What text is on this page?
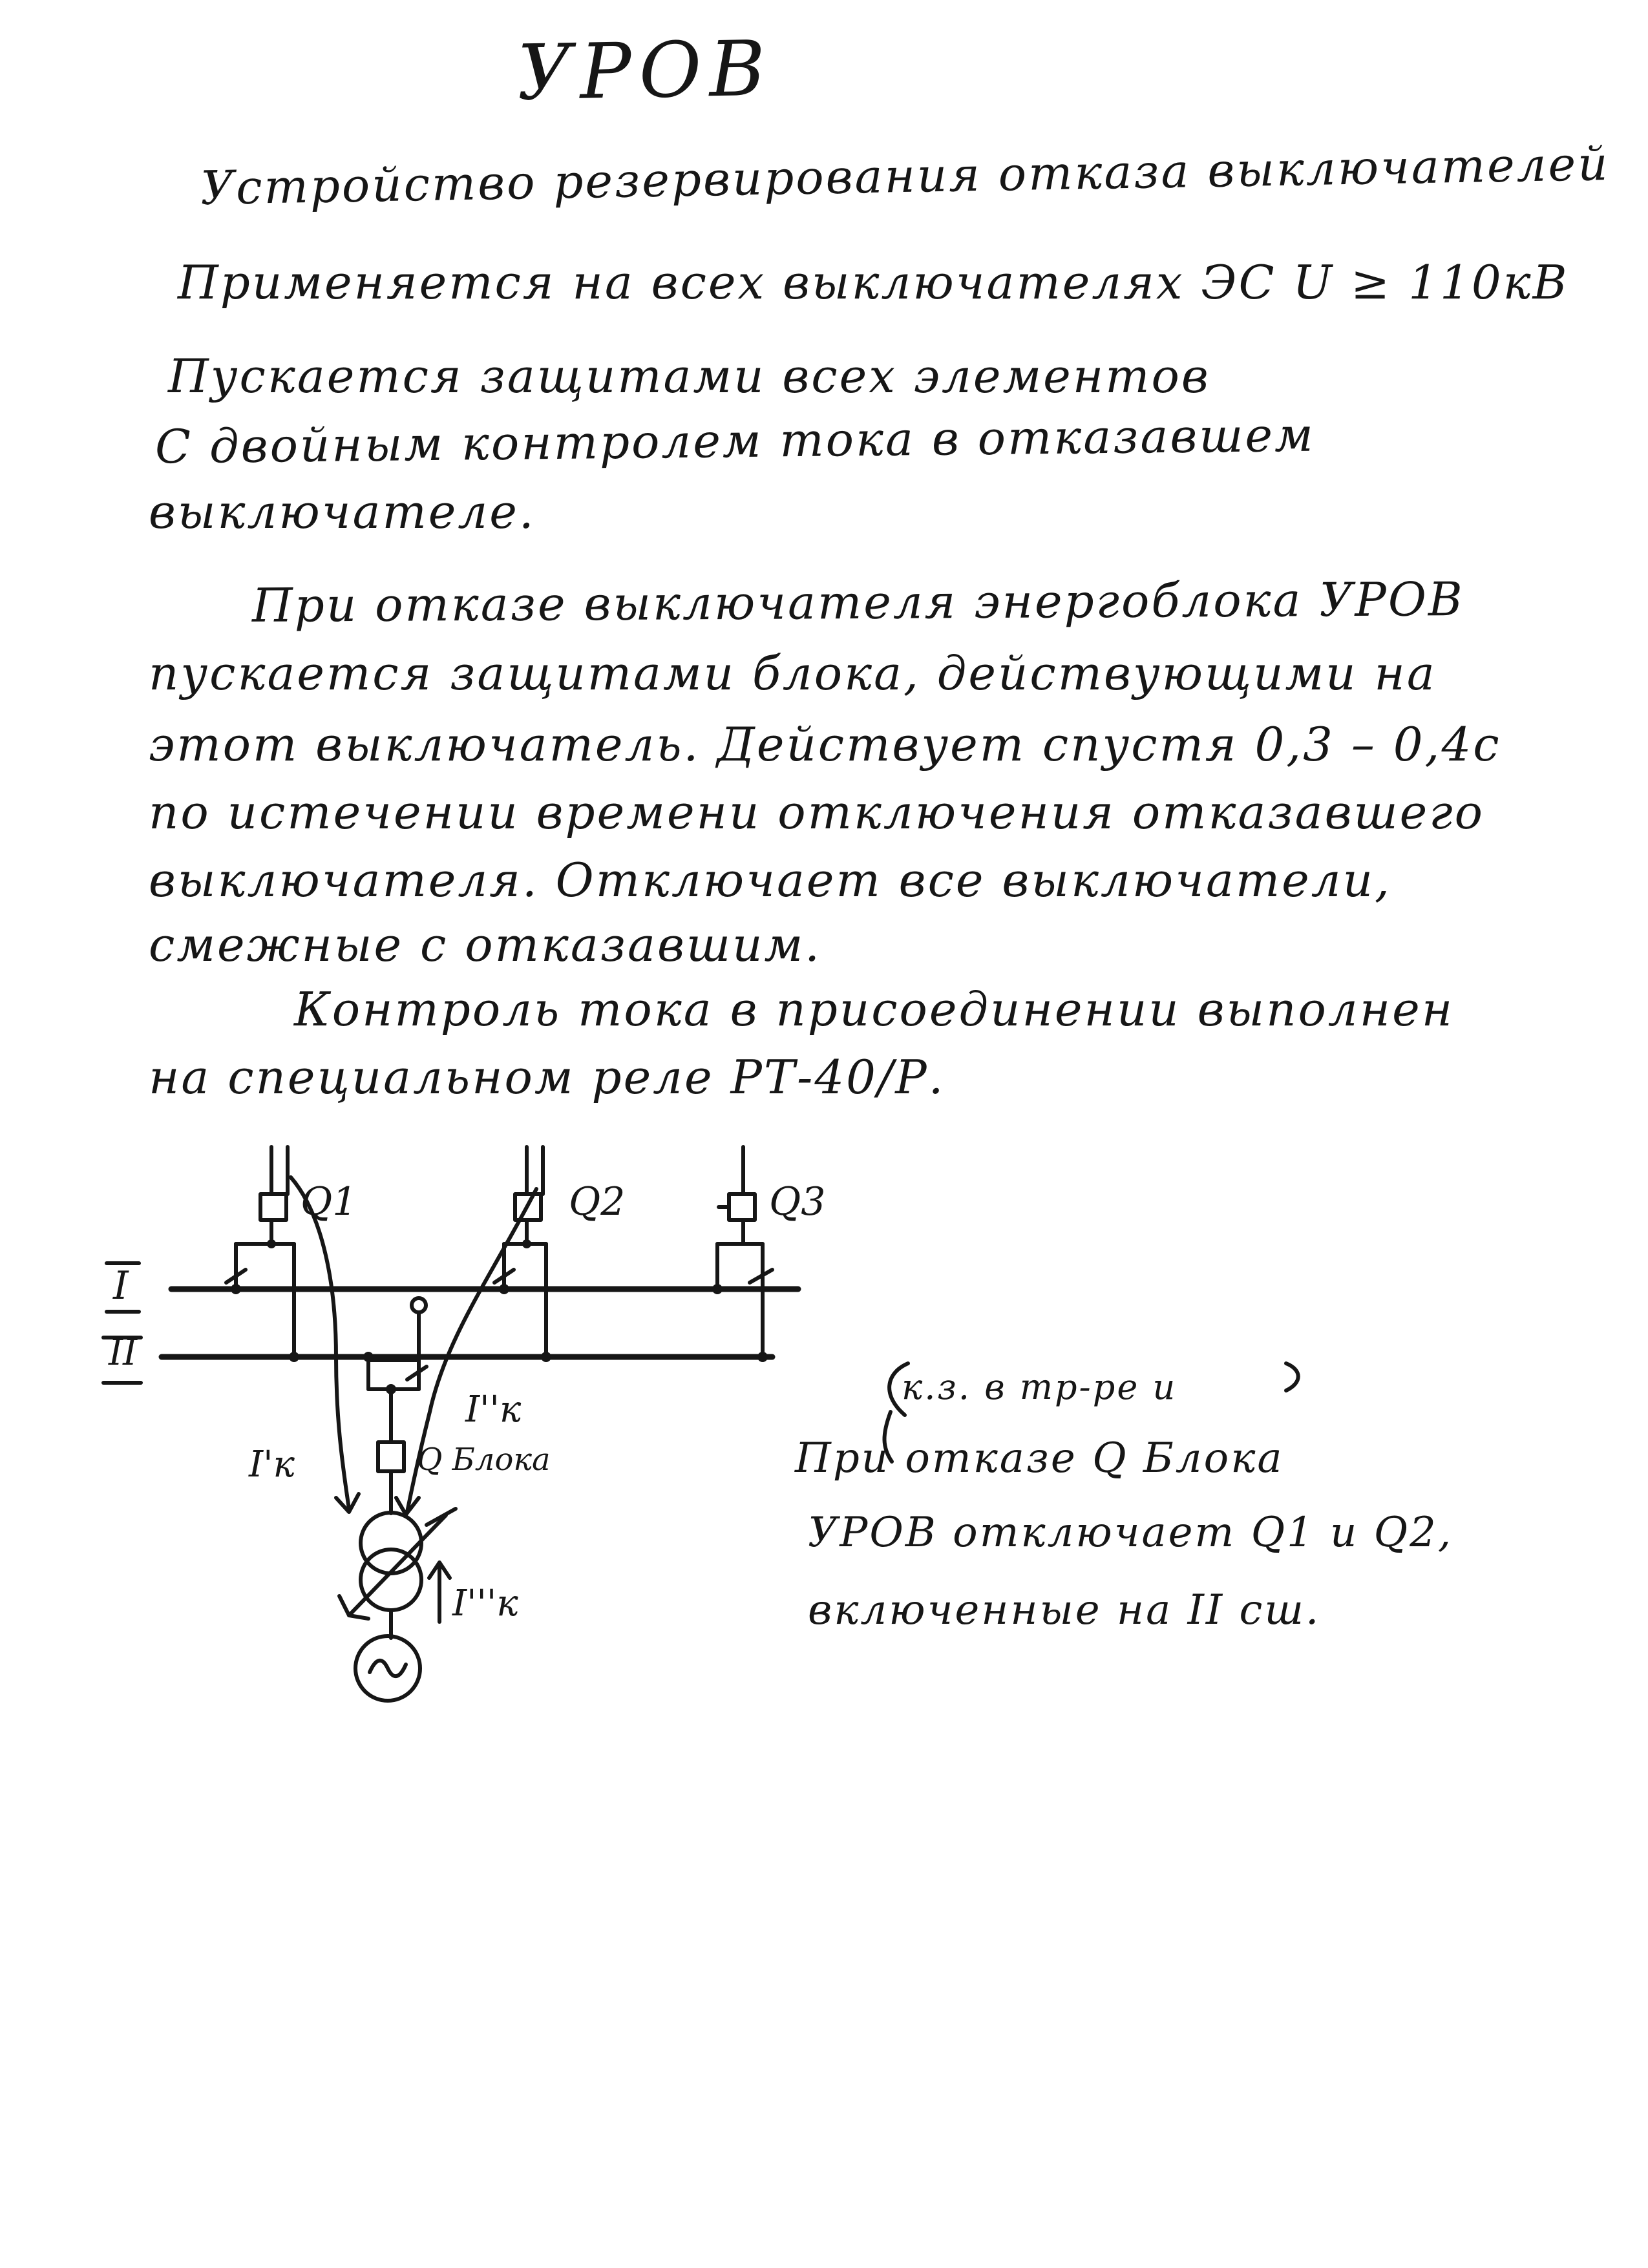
УРОВ
Устройство резервирования отказа выключателей
Применяется на всех выключателях ЭС U ≥ 110кВ
Пускается защитами всех элементов
С двойным контролем тока в отказавшем
выключателе.
При отказе выключателя энергоблока УРОВ
пускается защитами блока, действующими на
этот выключатель. Действует спустя 0,3 – 0,4с
по истечении времени отключения отказавшего
выключателя. Отключает все выключатели,
смежные с отказавшим.
Контроль тока в присоединении выполнен
на специальном реле РТ-40/Р.
I
II
Q1	Q2	Q3
Q Блока
I'к
I''к
I'''к
к.з. в тр-ре и
При отказе Q Блока
УРОВ отключает Q1 и Q2,
включенные на II сш.
